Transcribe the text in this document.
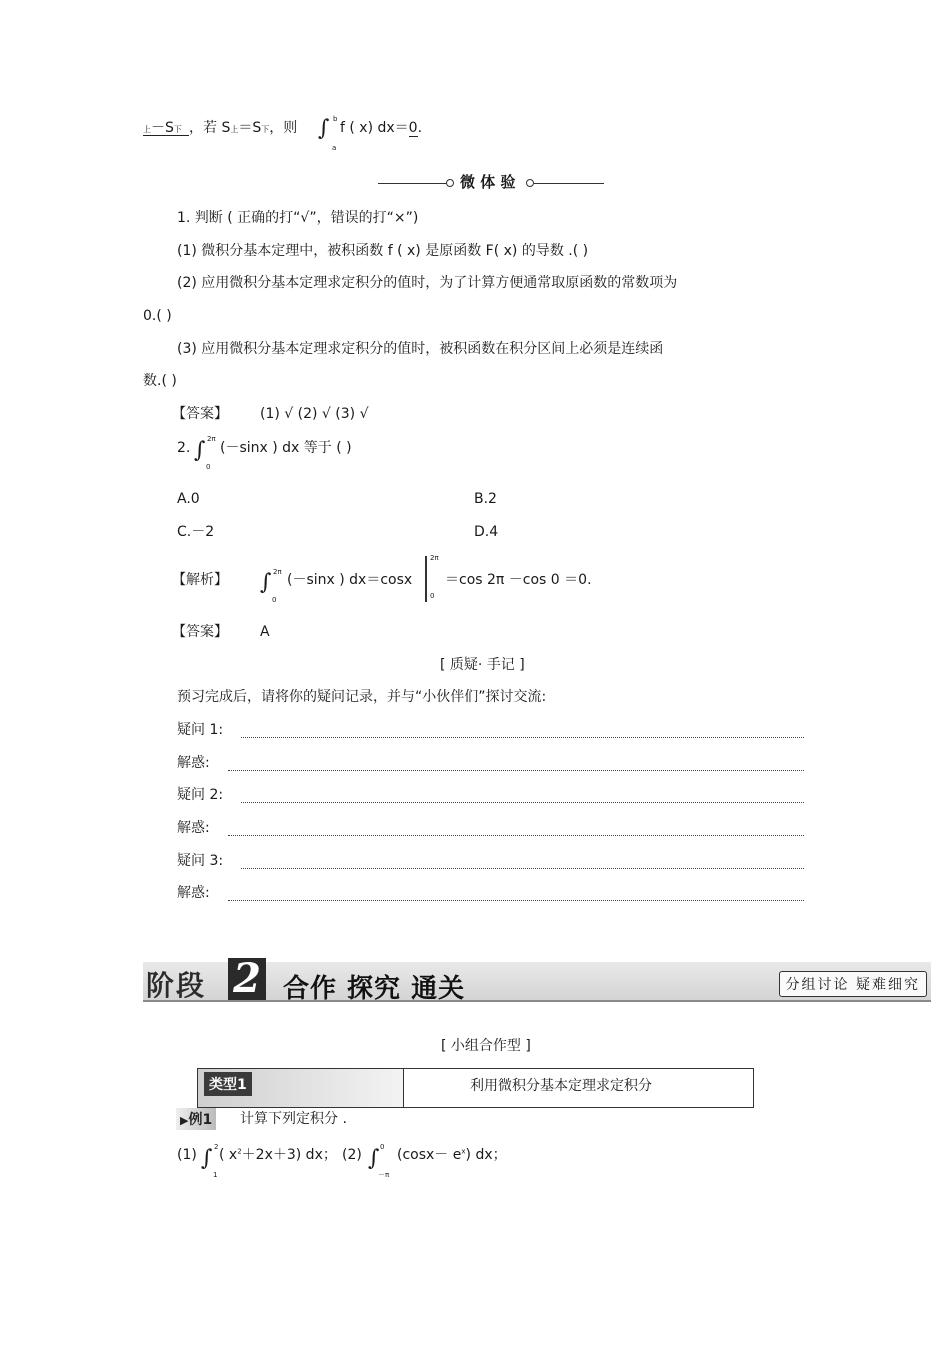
上－S下 ，若 S上＝S下，则 ∫ b
a
f ( x) dx＝0.
微 体 验
1. 判断 ( 正确的打“√”，错误的打“×”)
(1) 微积分基本定理中，被积函数 f ( x) 是原函数 F( x) 的导数 .( )
(2) 应用微积分基本定理求定积分的值时，为了计算方便通常取原函数的常数项为
0.( )
(3) 应用微积分基本定理求定积分的值时，被积函数在积分区间上必须是连续函
数.( )
【答案】 (1) √ (2) √ (3) √
2. ∫ 2π
0
(－sinx ) dx 等于 ( )
A.0	B.2
C.－2	D.4
【解析】 ∫ 2π
0
(－sinx ) dx＝cosx
2π
0
＝cos 2π －cos 0 ＝0.
【答案】 A
[ 质疑· 手记 ]
预习完成后，请将你的疑问记录，并与“小伙伴们”探讨交流:
疑问 1:
解惑:
疑问 2:
解惑:
疑问 3:
解惑:
阶段 2 合作 探究 通关	分组讨论 疑难细究
[ 小组合作型 ]
类型1	利用微积分基本定理求定积分
▶例1 计算下列定积分 .
(1) ∫ 2
1
( $x^2+2x+3$) dx； (2) ∫ 0
－π
$(\cos x- e^x)$ dx；
